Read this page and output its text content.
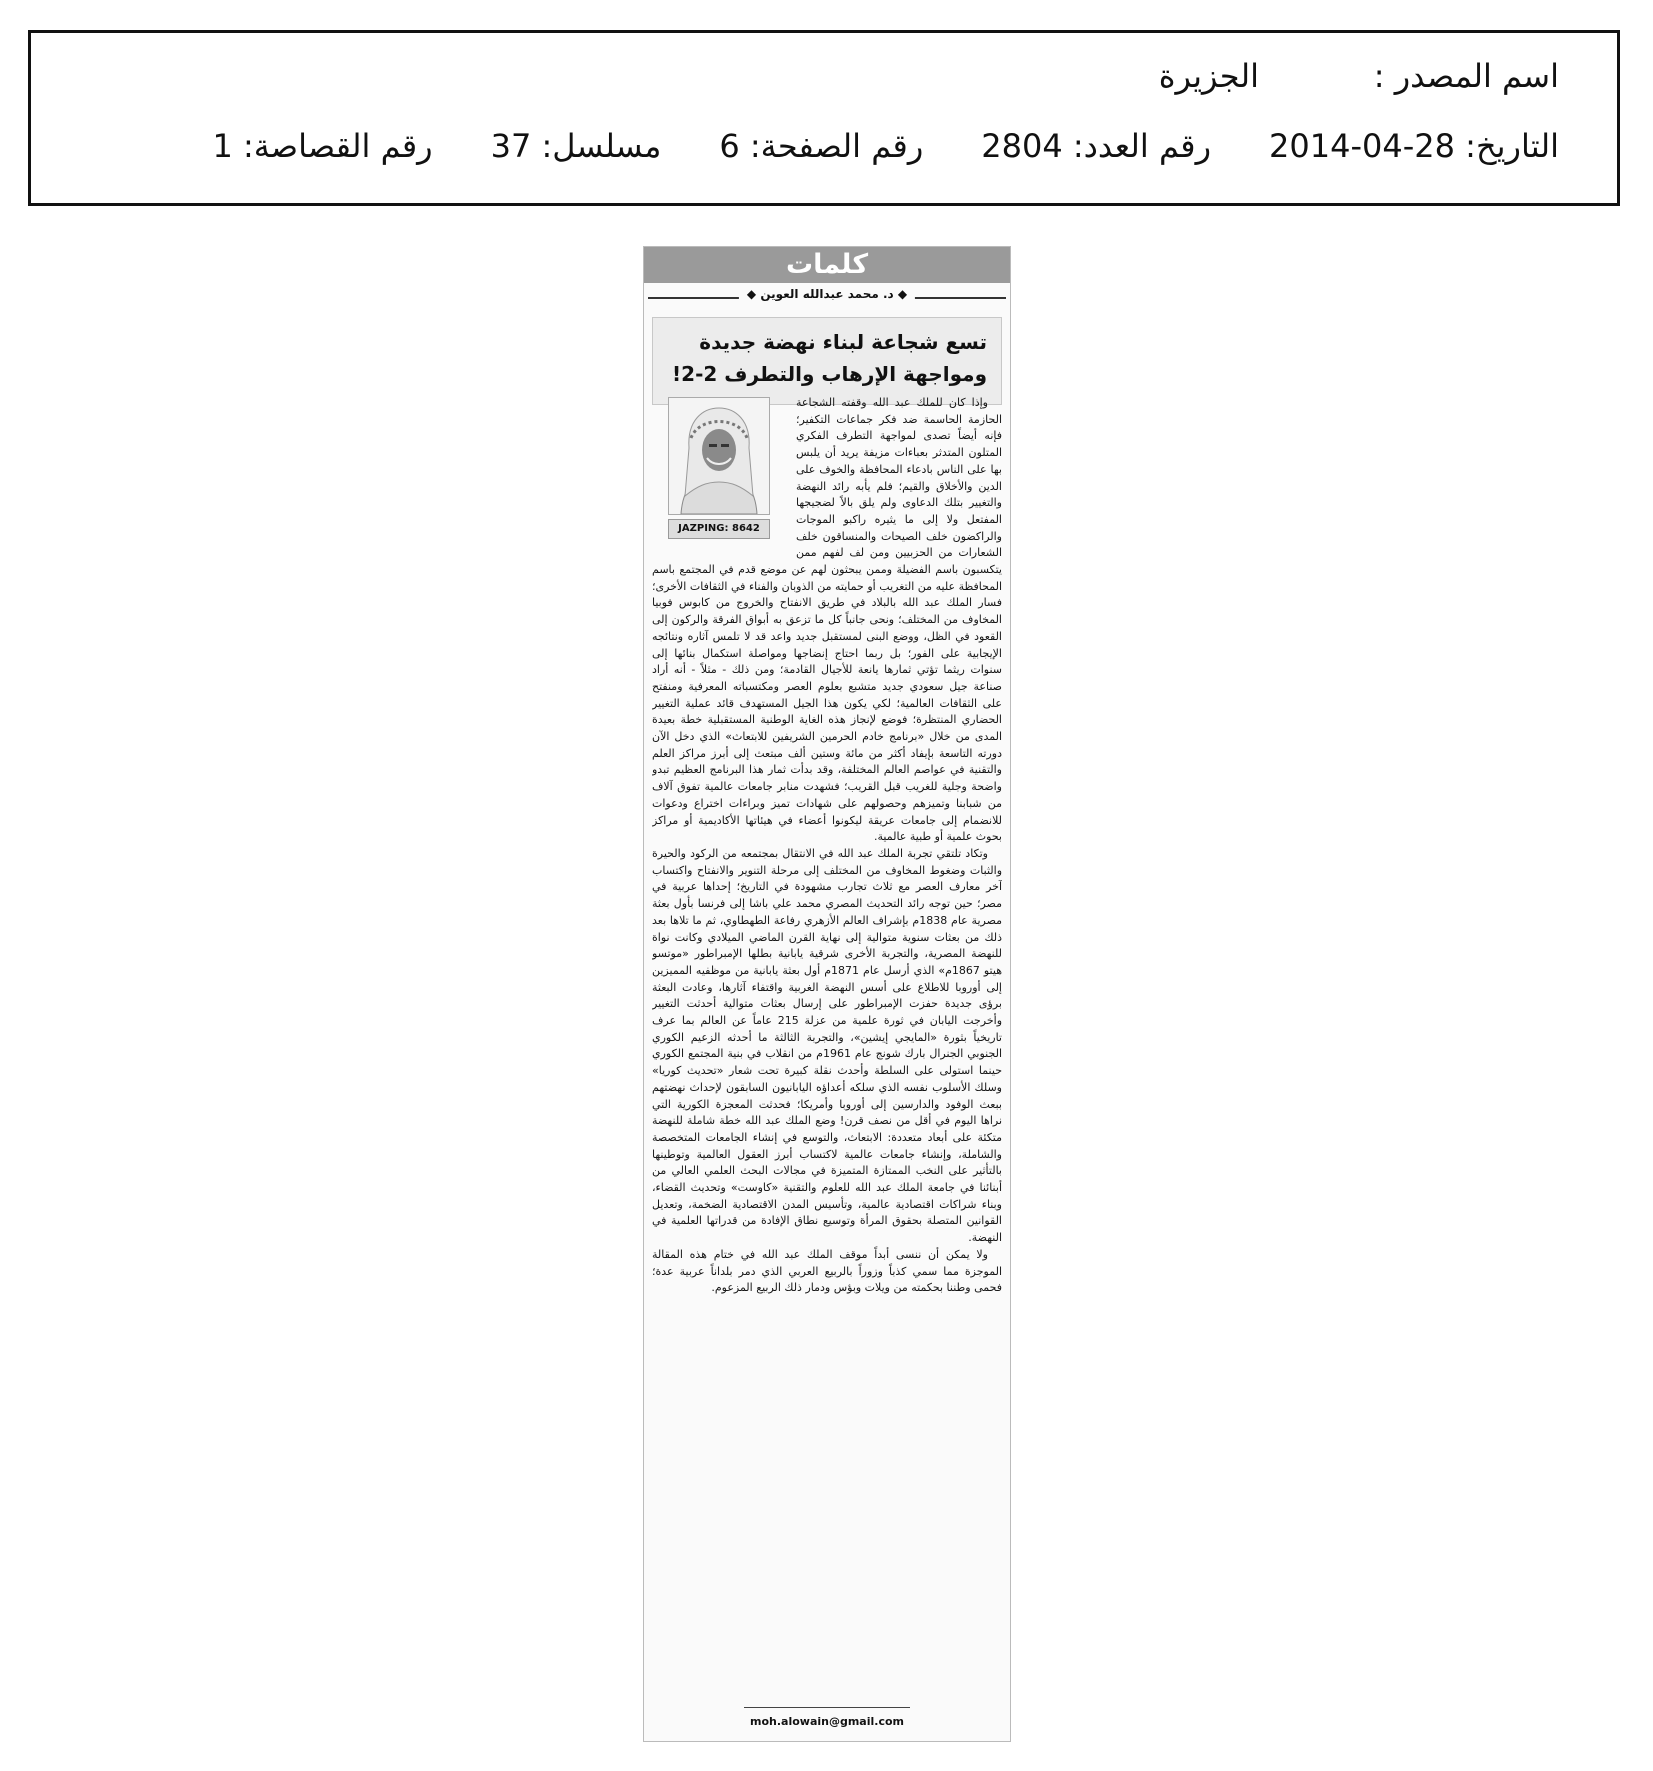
اسم المصدر :الجزيرة
التاريخ: 28-04-2014رقم العدد: 2804رقم الصفحة: 6مسلسل: 37رقم القصاصة: 1
كلمات
◆ د. محمد عبدالله العوين ◆
تسع شجاعة لبناء نهضة جديدة ومواجهة الإرهاب والتطرف 2-2!

وإذا كان للملك عبد الله وقفته الشجاعة الحازمة الحاسمة ضد فكر جماعات التكفير؛ فإنه أيضاً تصدى لمواجهة التطرف الفكري المتلون المتدثر بعباءات مزيفة يريد أن يلبس بها على الناس بادعاء المحافظة والخوف على الدين والأخلاق والقيم؛ فلم يأبه رائد النهضة والتغيير بتلك الدعاوى ولم يلق بالاً لضجيجها المفتعل ولا إلى ما يثيره راكبو الموجات والراكضون خلف الصيحات والمنساقون خلف الشعارات من الحزبيين ومن لف لفهم ممن يتكسبون باسم الفضيلة وممن يبحثون لهم عن موضع قدم في المجتمع باسم المحافظة عليه من التغريب أو حمايته من الذوبان والفناء في الثقافات الأخرى؛ فسار الملك عبد الله بالبلاد في طريق الانفتاح والخروج من كابوس فوبيا المخاوف من المختلف؛ ونحى جانباً كل ما تزعق به أبواق الفرقة والركون إلى القعود في الظل، ووضع البنى لمستقبل جديد واعد قد لا تلمس آثاره ونتائجه الإيجابية على الفور؛ بل ربما احتاج إنضاجها ومواصلة استكمال بنائها إلى سنوات ريثما تؤتي ثمارها يانعة للأجيال القادمة؛ ومن ذلك - مثلاً - أنه أراد صناعة جيل سعودي جديد متشبع بعلوم العصر ومكتسباته المعرفية ومنفتح على الثقافات العالمية؛ لكي يكون هذا الجيل المستهدف قائد عملية التغيير الحضاري المنتظرة؛ فوضع لإنجاز هذه الغاية الوطنية المستقبلية خطة بعيدة المدى من خلال «برنامج خادم الحرمين الشريفين للابتعاث» الذي دخل الآن دورته التاسعة بإيفاد أكثر من مائة وستين ألف مبتعث إلى أبرز مراكز العلم والتقنية في عواصم العالم المختلفة، وقد بدأت ثمار هذا البرنامج العظيم تبدو واضحة وجلية للغريب قبل القريب؛ فشهدت منابر جامعات عالمية تفوق آلاف من شبابنا وتميزهم وحصولهم على شهادات تميز وبراءات اختراع ودعوات للانضمام إلى جامعات عريقة ليكونوا أعضاء في هيئاتها الأكاديمية أو مراكز بحوث علمية أو طبية عالمية.

وتكاد تلتقي تجربة الملك عبد الله في الانتقال بمجتمعه من الركود والحيرة والثبات وضغوط المخاوف من المختلف إلى مرحلة التنوير والانفتاح واكتساب آخر معارف العصر مع ثلاث تجارب مشهودة في التاريخ؛ إحداها عربية في مصر؛ حين توجه رائد التحديث المصري محمد علي باشا إلى فرنسا بأول بعثة مصرية عام 1838م بإشراف العالم الأزهري رفاعة الطهطاوي، ثم ما تلاها بعد ذلك من بعثات سنوية متوالية إلى نهاية القرن الماضي الميلادي وكانت نواة للنهضة المصرية، والتجربة الأخرى شرقية يابانية بطلها الإمبراطور «موتسو هيتو 1867م» الذي أرسل عام 1871م أول بعثة يابانية من موظفيه المميزين إلى أوروبا للاطلاع على أسس النهضة الغربية واقتفاء آثارها، وعادت البعثة برؤى جديدة حفزت الإمبراطور على إرسال بعثات متوالية أحدثت التغيير وأخرجت اليابان في ثورة علمية من عزلة 215 عاماً عن العالم بما عرف تاريخياً بثورة «المايجي إيشين»، والتجربة الثالثة ما أحدثه الزعيم الكوري الجنوبي الجنرال بارك شونج عام 1961م من انقلاب في بنية المجتمع الكوري حينما استولى على السلطة وأحدث نقلة كبيرة تحت شعار «تحديث كوريا» وسلك الأسلوب نفسه الذي سلكه أعداؤه اليابانيون السابقون لإحداث نهضتهم ببعث الوفود والدارسين إلى أوروبا وأمريكا؛ فحدثت المعجزة الكورية التي نراها اليوم في أقل من نصف قرن! وضع الملك عبد الله خطة شاملة للنهضة متكئة على أبعاد متعددة: الابتعاث، والتوسع في إنشاء الجامعات المتخصصة والشاملة، وإنشاء جامعات عالمية لاكتساب أبرز العقول العالمية وتوطينها بالتأثير على النخب الممتازة المتميزة في مجالات البحث العلمي العالي من أبنائنا في جامعة الملك عبد الله للعلوم والتقنية «كاوست» وتحديث القضاء، وبناء شراكات اقتصادية عالمية، وتأسيس المدن الاقتصادية الضخمة، وتعديل القوانين المتصلة بحقوق المرأة وتوسيع نطاق الإفادة من قدراتها العلمية في النهضة.

ولا يمكن أن ننسى أبداً موقف الملك عبد الله في ختام هذه المقالة الموجزة مما سمي كذباً وزوراً بالربيع العربي الذي دمر بلداناً عربية عدة؛ فحمى وطننا بحكمته من ويلات وبؤس ودمار ذلك الربيع المزعوم.

JAZPING: 8642
moh.alowain@gmail.com
